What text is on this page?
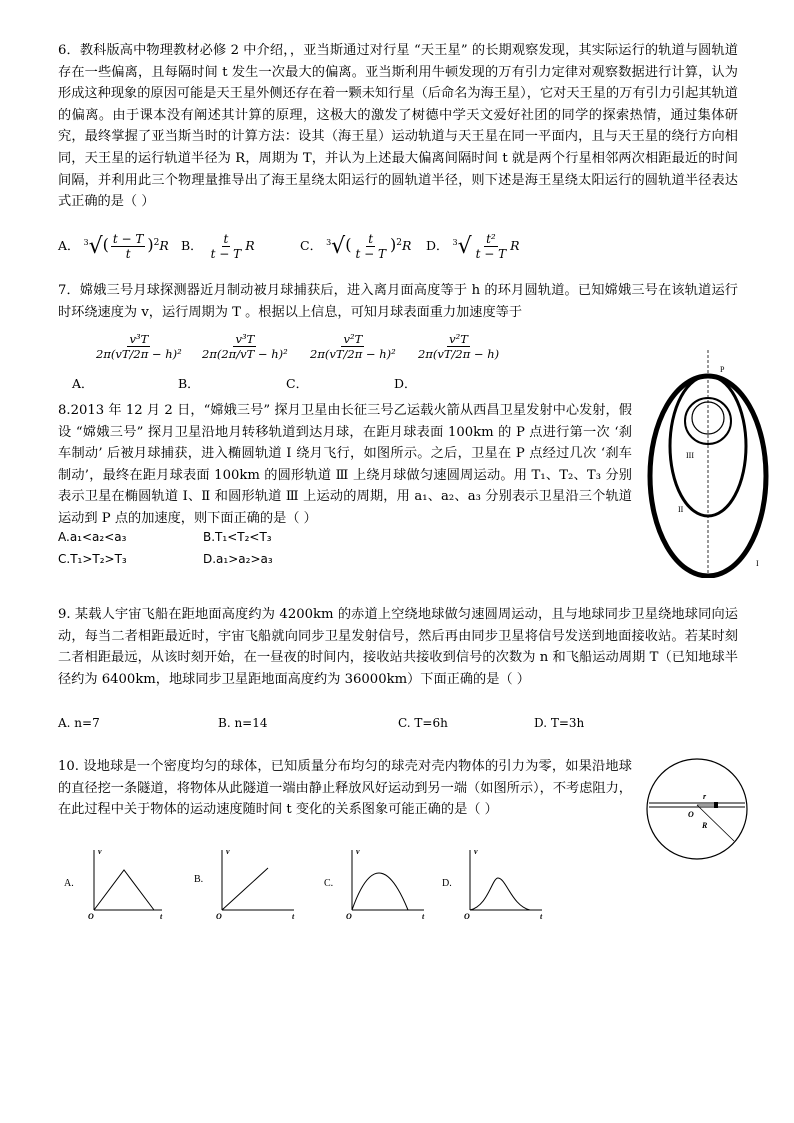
6．教科版高中物理教材必修 2 中介绍，，亚当斯通过对行星 “天王星” 的长期观察发现，其实际运行的轨道与圆轨道存在一些偏离，且每隔时间 t 发生一次最大的偏离。亚当斯利用牛顿发现的万有引力定律对观察数据进行计算，认为形成这种现象的原因可能是天王星外侧还存在着一颗未知行星（后命名为海王星），它对天王星的万有引力引起其轨道的偏离。由于课本没有阐述其计算的原理，这极大的激发了树德中学天文爱好社团的同学的探索热情，通过集体研究，最终掌握了亚当斯当时的计算方法：设其（海王星）运动轨道与天王星在同一平面内，且与天王星的绕行方向相同，天王星的运行轨道半径为 R，周期为 T，并认为上述最大偏离间隔时间 t 就是两个行星相邻两次相距最近的时间间隔，并利用此三个物理量推导出了海王星绕太阳运行的圆轨道半径，则下述是海王星绕太阳运行的圆轨道半径表达式正确的是（ ）

A． $^3√( \frac{t - T}{t} )^2R$ B． $\frac{t}{t - T}$ R	C． $^3√( \frac{t}{t - T} )^2R$ D． $^3√ \frac{\text{t²}}{t - T}$ R

7．嫦娥三号月球探测器近月制动被月球捕获后，进入离月面高度等于 h 的环月圆轨道。已知嫦娥三号在该轨道运行时环绕速度为 v，运行周期为 T 。根据以上信息，可知月球表面重力加速度等于

A．
$\frac{\text{v³T}}{\text{2π(vT/2π − h)²}}$
B．
$\frac{\text{v³T}}{\text{2π(2π/vT − h)²}}$
C．
$\frac{\text{v²T}}{\text{2π(vT/2π − h)²}}$
D．
$\frac{\text{v²T}}{2\pi(vT/2\pi - h)}$

8.2013 年 12 月 2 日，“嫦娥三号” 探月卫星由长征三号乙运载火箭从西昌卫星发射中心发射，假设 “嫦娥三号” 探月卫星沿地月转移轨道到达月球，在距月球表面 100km 的 P 点进行第一次 ‘刹车制动’ 后被月球捕获，进入椭圆轨道 Ⅰ 绕月飞行，如图所示。之后，卫星在 P 点经过几次 ‘刹车制动’，最终在距月球表面 100km 的圆形轨道 Ⅲ 上绕月球做匀速圆周运动。用 T₁、T₂、T₃ 分别表示卫星在椭圆轨道 Ⅰ、Ⅱ 和圆形轨道 Ⅲ 上运动的周期，用 a₁、a₂、a₃ 分别表示卫星沿三个轨道运动到 P 点的加速度，则下面正确的是（ ）

A.a₁<a₂<a₃	B.T₁<T₂<T₃
C.T₁>T₂>T₃	D.a₁>a₂>a₃
P
III
II
I

9. 某载人宇宙飞船在距地面高度约为 4200km 的赤道上空绕地球做匀速圆周运动，且与地球同步卫星绕地球同向运动，每当二者相距最近时，宇宙飞船就向同步卫星发射信号，然后再由同步卫星将信号发送到地面接收站。若某时刻二者相距最远，从该时刻开始，在一昼夜的时间内，接收站共接收到信号的次数为 n 和飞船运动周期 T（已知地球半径约为 6400km，地球同步卫星距地面高度约为 36000km）下面正确的是（ ）

A. n=7	B. n=14	C. T=6h	D. T=3h

10. 设地球是一个密度均匀的球体，已知质量分布均匀的球壳对壳内物体的引力为零，如果沿地球的直径挖一条隧道，将物体从此隧道一端由静止释放风好运动到另一端（如图所示），不考虑阻力，在此过程中关于物体的运动速度随时间 t 变化的关系图象可能正确的是（ ）

r
O
R
A.
v
t
O
B.
v
t
O
C.
v
t
O
D.
v
t
O
